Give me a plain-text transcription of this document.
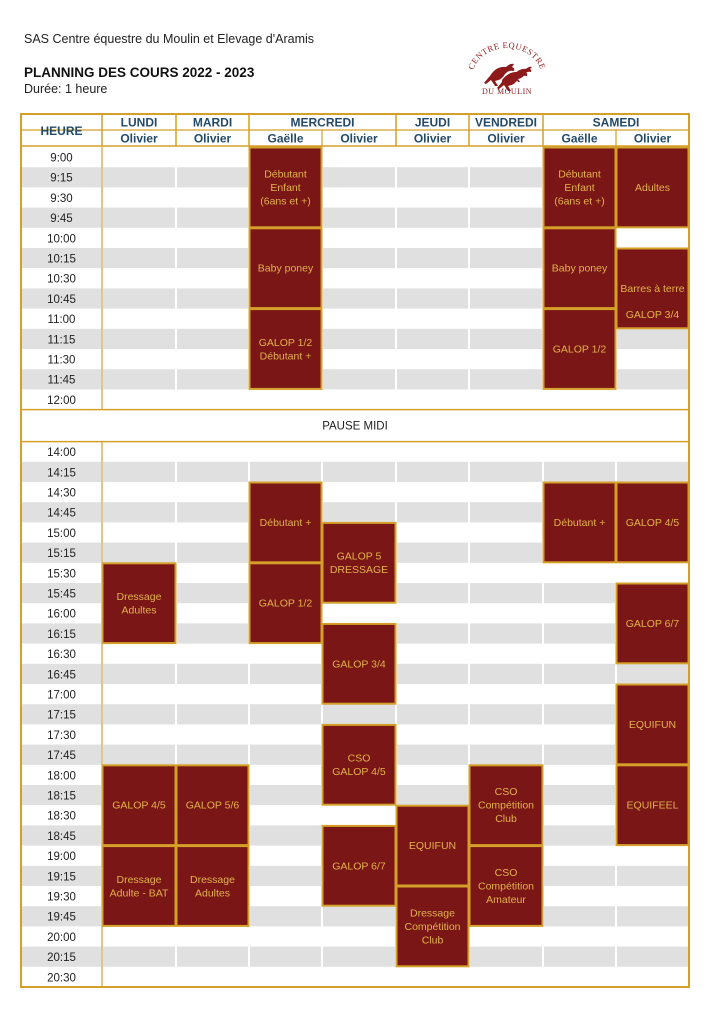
SAS Centre équestre du Moulin et Elevage d'Aramis
PLANNING DES COURS 2022 - 2023
Durée: 1 heure
CENTRE EQUESTRE
DU MOULIN
HEURE
LUNDI
Olivier
MARDI
Olivier
MERCREDI
Gaëlle	Olivier
JEUDI
Olivier
VENDREDI
Olivier
SAMEDI
Gaëlle	Olivier
9:00
9:15
9:30
9:45
10:00
10:15
10:30
10:45
11:00
11:15
11:30
11:45
12:00
14:00
14:15
14:30
14:45
15:00
15:15
15:30
15:45
16:00
16:15
16:30
16:45
17:00
17:15
17:30
17:45
18:00
18:15
18:30
18:45
19:00
19:15
19:30
19:45
20:00
20:15
20:30
PAUSE MIDI
Débutant
Enfant
(6ans et +)
Baby poney
GALOP 1/2
Débutant +
Débutant
Enfant
(6ans et +)
Baby poney
GALOP 1/2
Adultes
Barres à terre
GALOP 3/4
Débutant +
GALOP 1/2
GALOP 5
DRESSAGE
GALOP 3/4
CSO
GALOP 4/5
GALOP 6/7
Dressage
Adultes
GALOP 4/5
Dressage
Adulte - BAT
GALOP 5/6
Dressage
Adultes
EQUIFUN
Dressage
Compétition
Club
CSO
Compétition
Club
CSO
Compétition
Amateur
Débutant + GALOP 4/5
GALOP 6/7
EQUIFUN
EQUIFEEL
